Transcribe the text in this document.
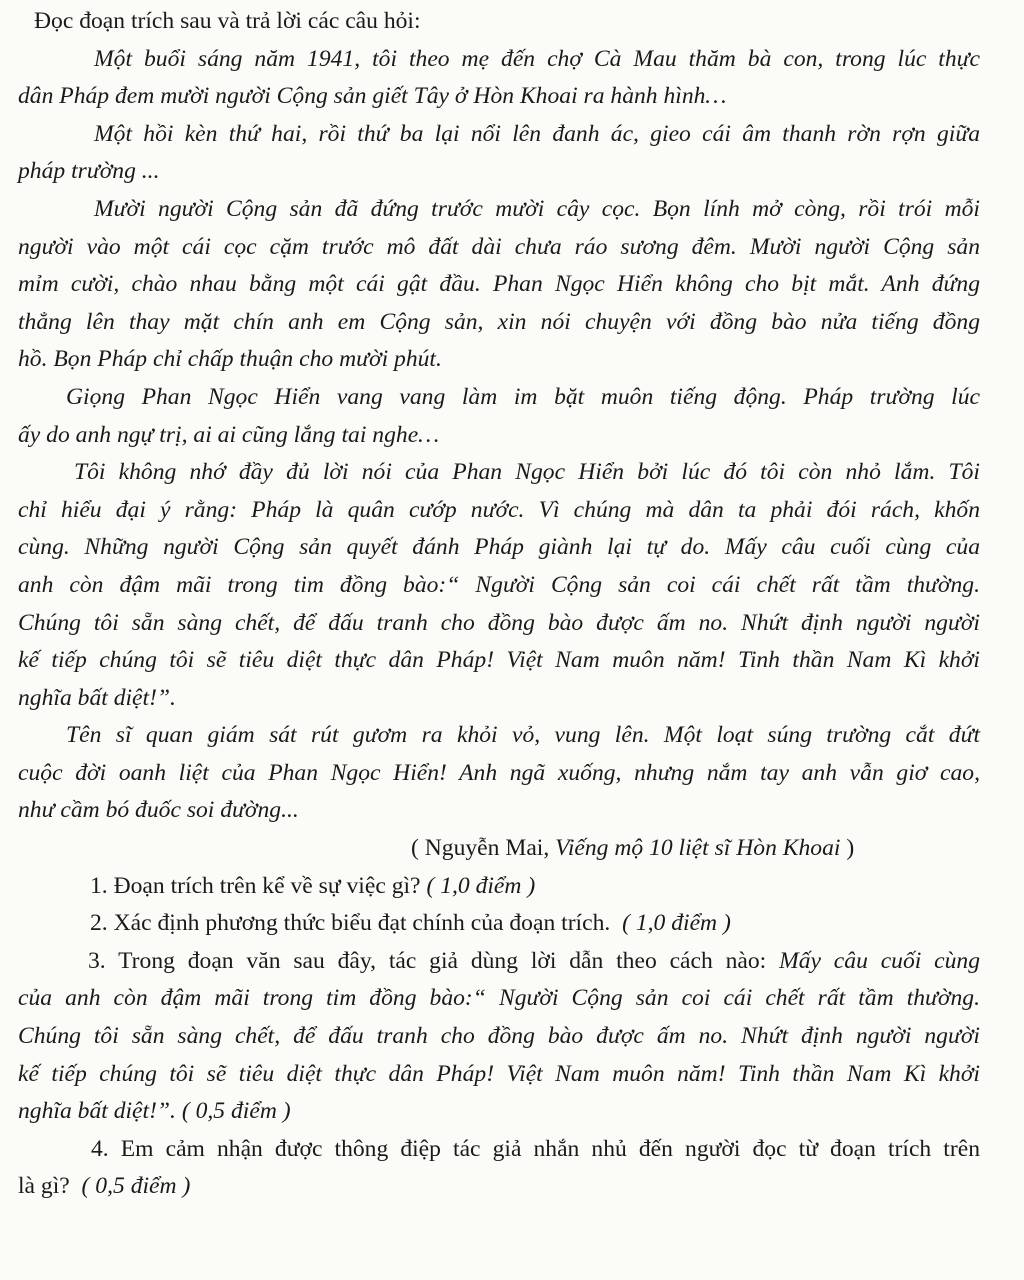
Đọc đoạn trích sau và trả lời các câu hỏi:
Một buổi sáng năm 1941, tôi theo mẹ đến chợ Cà Mau thăm bà con, trong lúc thực
dân Pháp đem mười người Cộng sản giết Tây ở Hòn Khoai ra hành hình…
Một hồi kèn thứ hai, rồi thứ ba lại nổi lên đanh ác, gieo cái âm thanh rờn rợn giữa
pháp trường ...
Mười người Cộng sản đã đứng trước mười cây cọc. Bọn lính mở còng, rồi trói mỗi
người vào một cái cọc cặm trước mô đất dài chưa ráo sương đêm. Mười người Cộng sản
mỉm cười, chào nhau bằng một cái gật đầu. Phan Ngọc Hiển không cho bịt mắt. Anh đứng
thẳng lên thay mặt chín anh em Cộng sản, xin nói chuyện với đồng bào nửa tiếng đồng
hồ. Bọn Pháp chỉ chấp thuận cho mười phút.
Giọng Phan Ngọc Hiển vang vang làm im bặt muôn tiếng động. Pháp trường lúc
ấy do anh ngự trị, ai ai cũng lắng tai nghe…
Tôi không nhớ đầy đủ lời nói của Phan Ngọc Hiển bởi lúc đó tôi còn nhỏ lắm. Tôi
chỉ hiểu đại ý rằng: Pháp là quân cướp nước. Vì chúng mà dân ta phải đói rách, khốn
cùng. Những người Cộng sản quyết đánh Pháp giành lại tự do. Mấy câu cuối cùng của
anh còn đậm mãi trong tim đồng bào:“ Người Cộng sản coi cái chết rất tầm thường.
Chúng tôi sẵn sàng chết, để đấu tranh cho đồng bào được ấm no. Nhứt định người người
kế tiếp chúng tôi sẽ tiêu diệt thực dân Pháp! Việt Nam muôn năm! Tinh thần Nam Kì khởi
nghĩa bất diệt!”.
Tên sĩ quan giám sát rút gươm ra khỏi vỏ, vung lên. Một loạt súng trường cắt đứt
cuộc đời oanh liệt của Phan Ngọc Hiển! Anh ngã xuống, nhưng nắm tay anh vẫn giơ cao,
như cầm bó đuốc soi đường...
( Nguyễn Mai, Viếng mộ 10 liệt sĩ Hòn Khoai )
1. Đoạn trích trên kể về sự việc gì? ( 1,0 điểm )
2. Xác định phương thức biểu đạt chính của đoạn trích.  ( 1,0 điểm )
3. Trong đoạn văn sau đây, tác giả dùng lời dẫn theo cách nào: Mấy câu cuối cùng
của anh còn đậm mãi trong tim đồng bào:“ Người Cộng sản coi cái chết rất tầm thường.
Chúng tôi sẵn sàng chết, để đấu tranh cho đồng bào được ấm no. Nhứt định người người
kế tiếp chúng tôi sẽ tiêu diệt thực dân Pháp! Việt Nam muôn năm! Tinh thần Nam Kì khởi
nghĩa bất diệt!”. ( 0,5 điểm )
4. Em cảm nhận được thông điệp tác giả nhắn nhủ đến người đọc từ đoạn trích trên
là gì?  ( 0,5 điểm )
